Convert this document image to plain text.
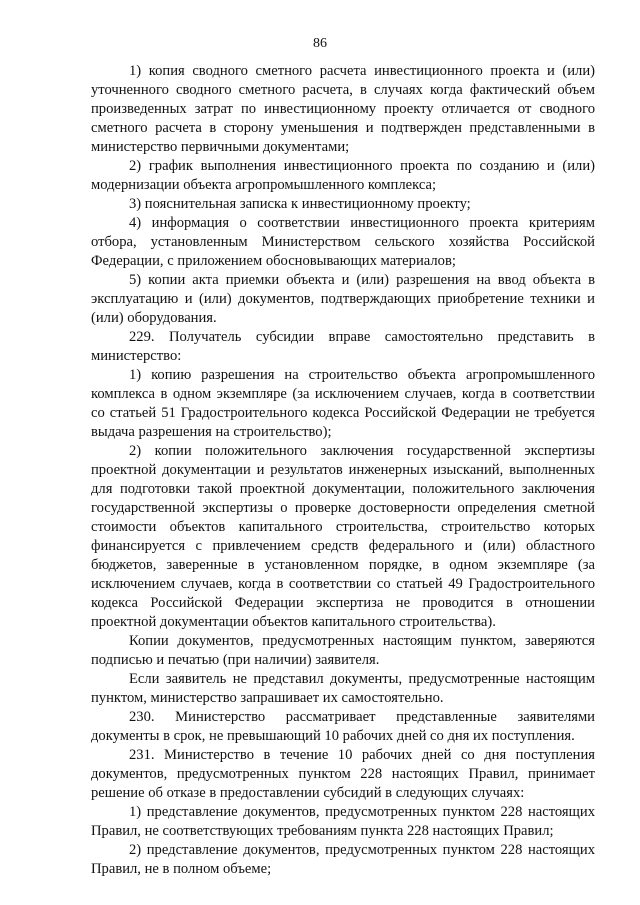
86

1) копия сводного сметного расчета инвестиционного проекта и (или) уточненного сводного сметного расчета, в случаях когда фактический объем произведенных затрат по инвестиционному проекту отличается от сводного сметного расчета в сторону уменьшения и подтвержден представленными в министерство первичными документами;

2) график выполнения инвестиционного проекта по созданию и (или) модернизации объекта агропромышленного комплекса;

3) пояснительная записка к инвестиционному проекту;

4) информация о соответствии инвестиционного проекта критериям отбора, установленным Министерством сельского хозяйства Российской Федерации, с приложением обосновывающих материалов;

5) копии акта приемки объекта и (или) разрешения на ввод объекта в эксплуатацию и (или) документов, подтверждающих приобретение техники и (или) оборудования.

229. Получатель субсидии вправе самостоятельно представить в министерство:

1) копию разрешения на строительство объекта агропромышленного комплекса в одном экземпляре (за исключением случаев, когда в соответствии со статьей 51 Градостроительного кодекса Российской Федерации не требуется выдача разрешения на строительство);

2) копии положительного заключения государственной экспертизы проектной документации и результатов инженерных изысканий, выполненных для подготовки такой проектной документации, положительного заключения государственной экспертизы о проверке достоверности определения сметной стоимости объектов капитального строительства, строительство которых финансируется с привлечением средств федерального и (или) областного бюджетов, заверенные в установленном порядке, в одном экземпляре (за исключением случаев, когда в соответствии со статьей 49 Градостроительного кодекса Российской Федерации экспертиза не проводится в отношении проектной документации объектов капитального строительства).

Копии документов, предусмотренных настоящим пунктом, заверяются подписью и печатью (при наличии) заявителя.

Если заявитель не представил документы, предусмотренные настоящим пунктом, министерство запрашивает их самостоятельно.

230. Министерство рассматривает представленные заявителями документы в срок, не превышающий 10 рабочих дней со дня их поступления.

231. Министерство в течение 10 рабочих дней со дня поступления документов, предусмотренных пунктом 228 настоящих Правил, принимает решение об отказе в предоставлении субсидий в следующих случаях:

1) представление документов, предусмотренных пунктом 228 настоящих Правил, не соответствующих требованиям пункта 228 настоящих Правил;

2) представление документов, предусмотренных пунктом 228 настоящих Правил, не в полном объеме;
